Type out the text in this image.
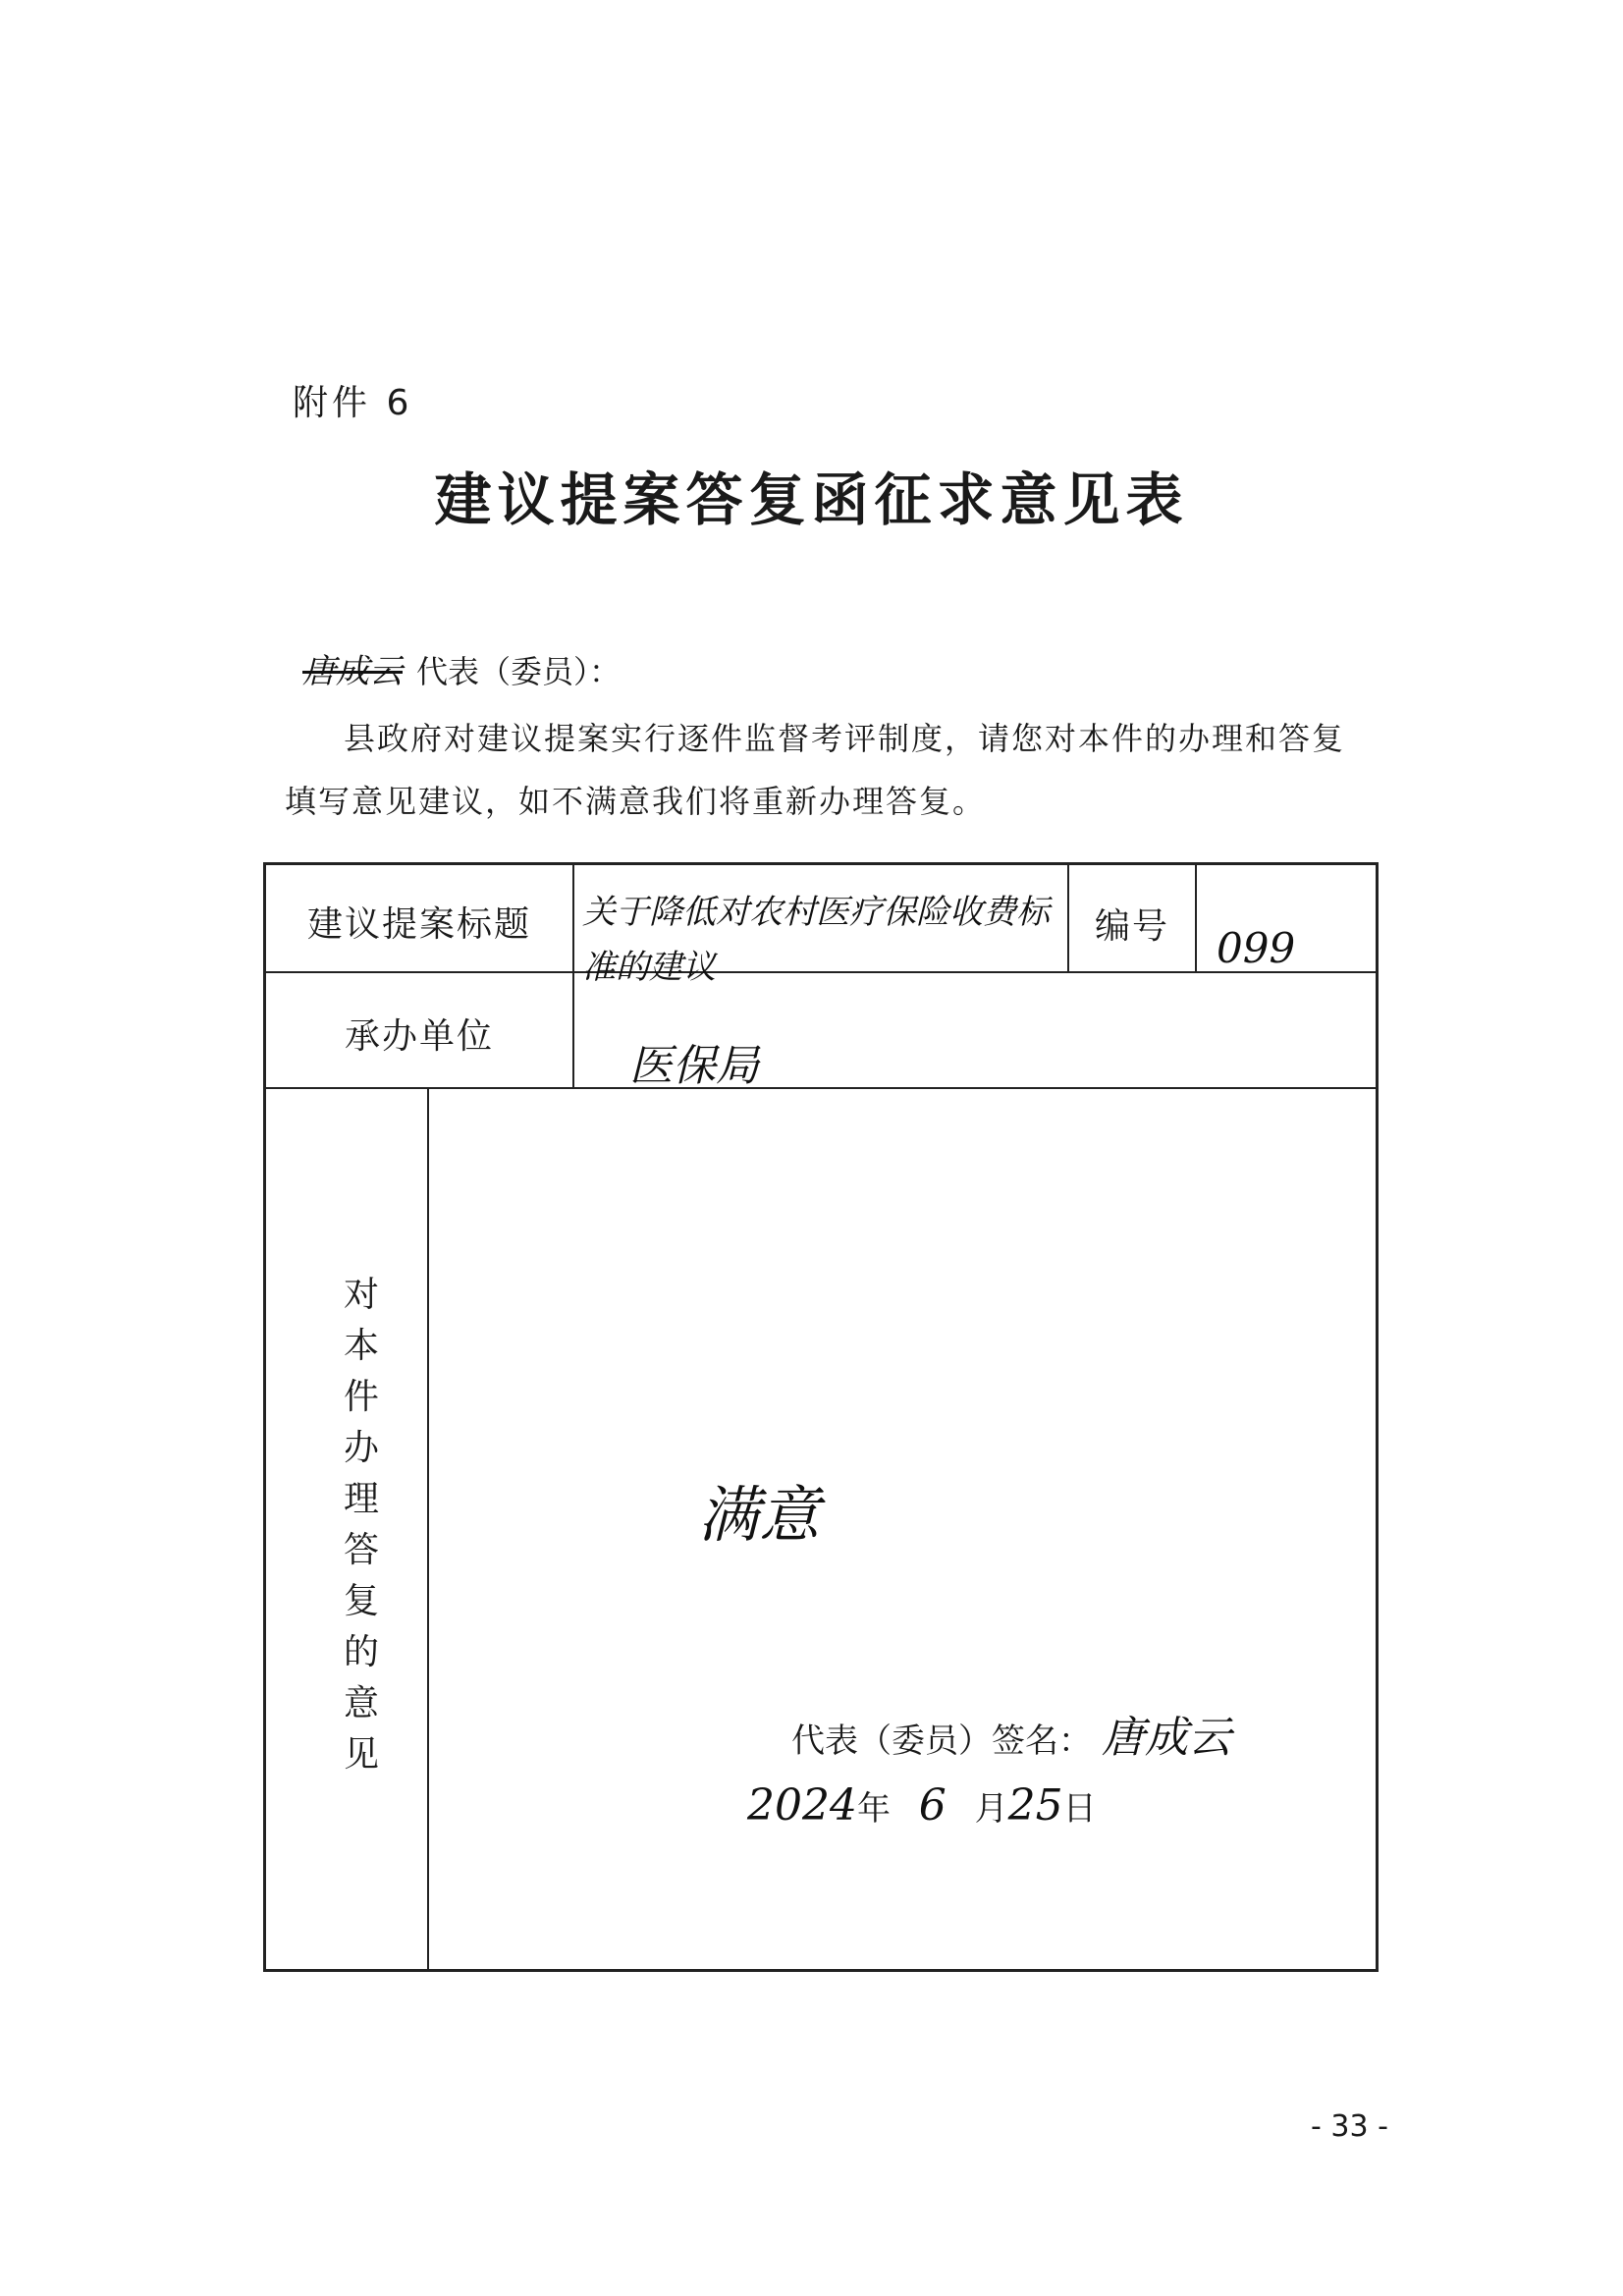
附件 6
建议提案答复函征求意见表
唐成云 代表（委员）：
县政府对建议提案实行逐件监督考评制度，请您对本件的办理和答复
填写意见建议，如不满意我们将重新办理答复。
建议提案标题	关于降低对农村医疗保险收费标准的建议
编号	099
承办单位
医保局
对本件办理答复的意见
满意
代表（委员）签名： 唐成云
2024年 6 月25日
- 33 -
